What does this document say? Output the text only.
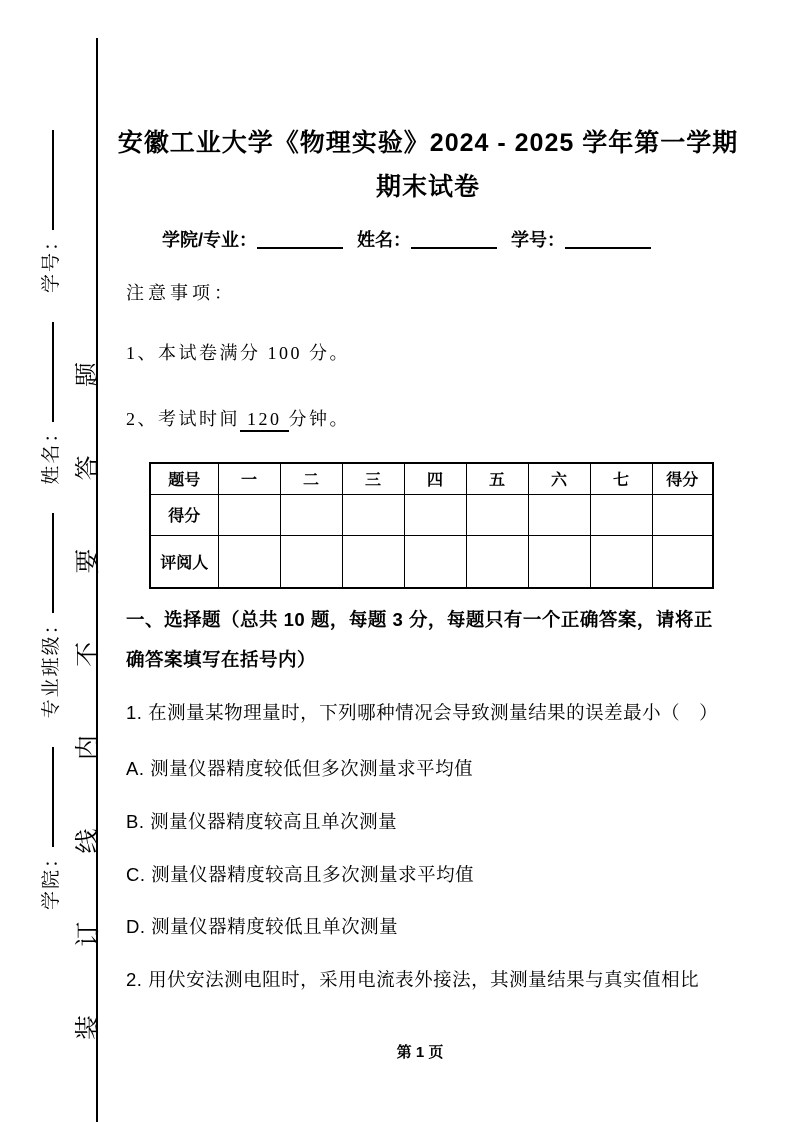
学院：
专业班级：
姓名：
学号：
装
订
线
内
不
要
答
题
安徽工业大学《物理实验》2024 - 2025 学年第一学期
期末试卷
学院/专业：	姓名：	学号：
注意事项：
1、本试卷满分 100 分。
2、考试时间 120 分钟。
题号	一	二	三	四	五	六	七	得分
得分								
评阅人								
一、选择题（总共 10 题，每题 3 分，每题只有一个正确答案，请将正
确答案填写在括号内）
1. 在测量某物理量时，下列哪种情况会导致测量结果的误差最小（　）
A. 测量仪器精度较低但多次测量求平均值
B. 测量仪器精度较高且单次测量
C. 测量仪器精度较高且多次测量求平均值
D. 测量仪器精度较低且单次测量
2. 用伏安法测电阻时，采用电流表外接法，其测量结果与真实值相比
第 1 页
